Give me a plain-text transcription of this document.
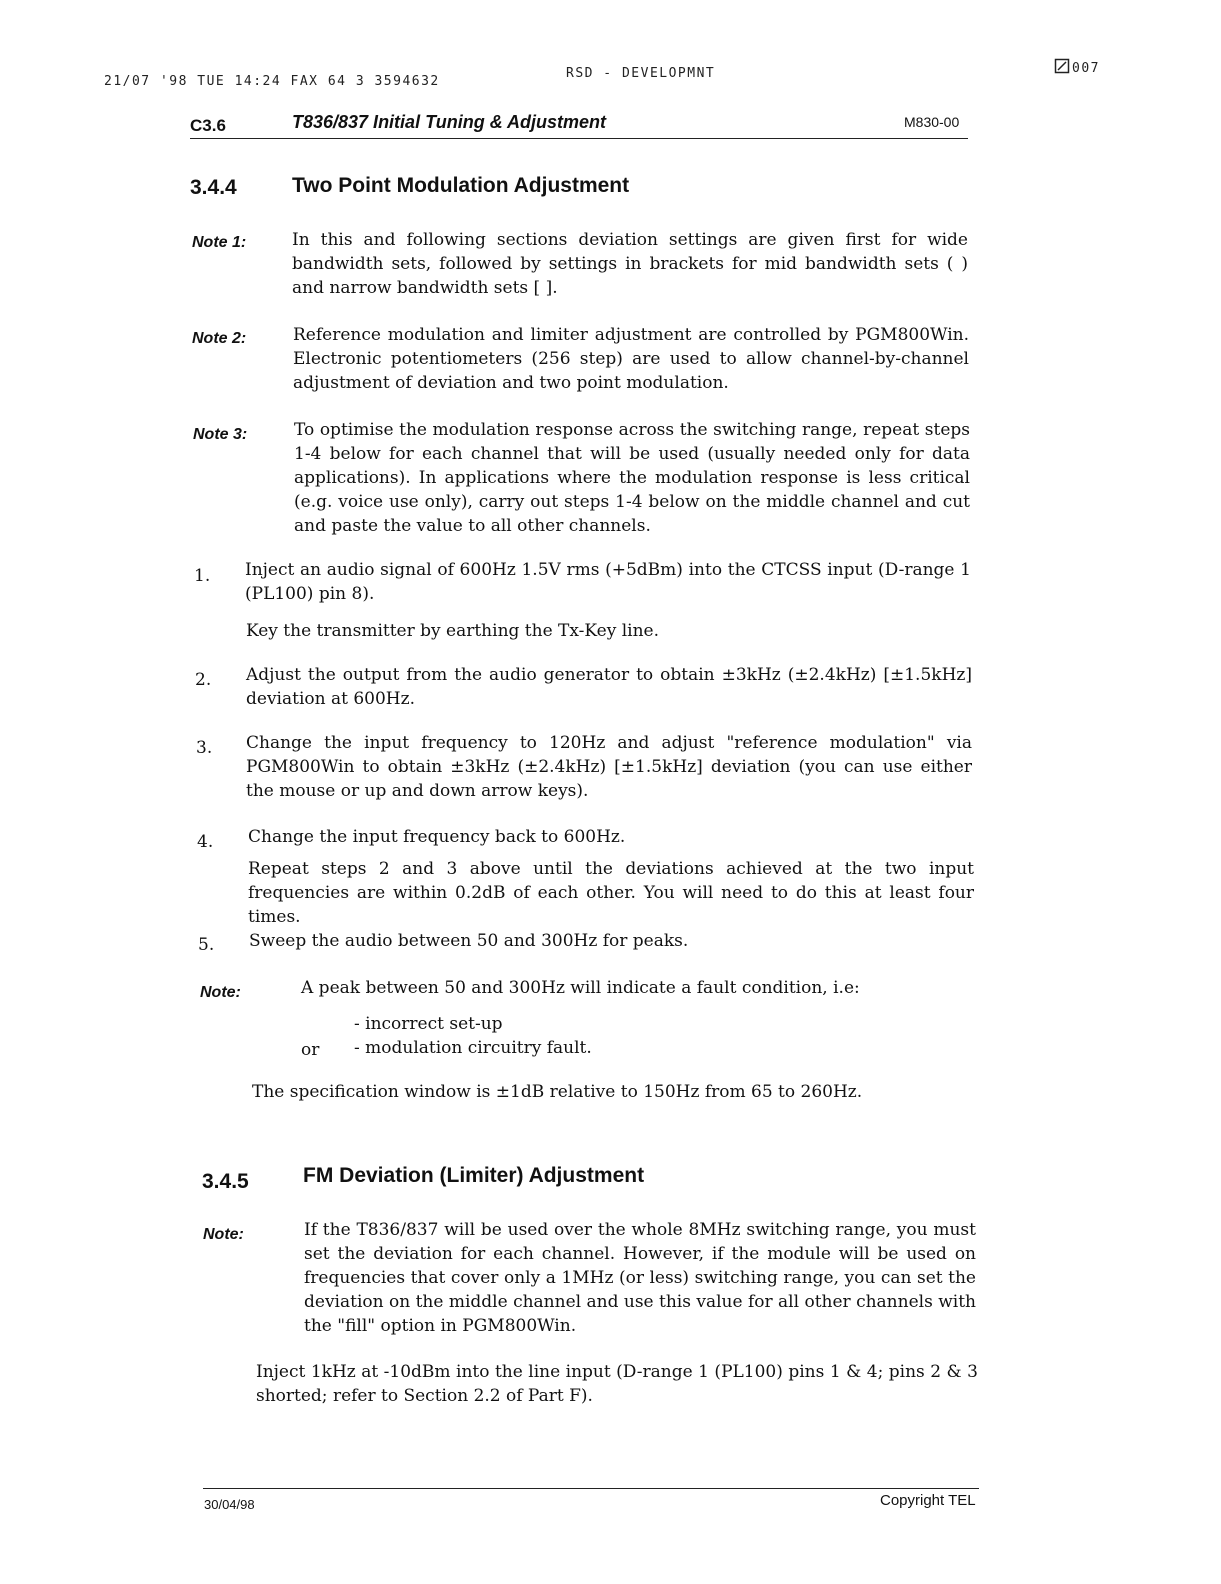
21/07 '98 TUE 14:24 FAX 64 3 3594632
RSD - DEVELOPMNT	007
C3.6	T836/837 Initial Tuning & Adjustment	M830-00
3.4.4	Two Point Modulation Adjustment
Note 1:	In this and following sections deviation settings are given first for wide bandwidth sets, followed by settings in brackets for mid bandwidth sets ( ) and narrow bandwidth sets [ ].
Note 2:	Reference modulation and limiter adjustment are controlled by PGM800Win. Electronic potentiometers (256 step) are used to allow channel-by-channel adjustment of deviation and two point modulation.
Note 3:	To optimise the modulation response across the switching range, repeat steps 1-4 below for each channel that will be used (usually needed only for data applications). In applications where the modulation response is less critical (e.g. voice use only), carry out steps 1-4 below on the middle channel and cut and paste the value to all other channels.
1. Inject an audio signal of 600Hz 1.5V rms (+5dBm) into the CTCSS input (D-range 1 (PL100) pin 8).
Key the transmitter by earthing the Tx-Key line.
2. Adjust the output from the audio generator to obtain ±3kHz (±2.4kHz) [±1.5kHz] deviation at 600Hz.
3. Change the input frequency to 120Hz and adjust "reference modulation" via PGM800Win to obtain ±3kHz (±2.4kHz) [±1.5kHz] deviation (you can use either the mouse or up and down arrow keys).
4. Change the input frequency back to 600Hz.
Repeat steps 2 and 3 above until the deviations achieved at the two input frequencies are within 0.2dB of each other. You will need to do this at least four times.
5. Sweep the audio between 50 and 300Hz for peaks.
Note:	A peak between 50 and 300Hz will indicate a fault condition, i.e:
- incorrect set-up
or - modulation circuitry fault.
The specification window is ±1dB relative to 150Hz from 65 to 260Hz.
3.4.5	FM Deviation (Limiter) Adjustment
Note:	If the T836/837 will be used over the whole 8MHz switching range, you must set the deviation for each channel. However, if the module will be used on frequencies that cover only a 1MHz (or less) switching range, you can set the deviation on the middle channel and use this value for all other channels with the "fill" option in PGM800Win.
Inject 1kHz at -10dBm into the line input (D-range 1 (PL100) pins 1 & 4; pins 2 & 3 shorted; refer to Section 2.2 of Part F).
30/04/98	Copyright TEL
